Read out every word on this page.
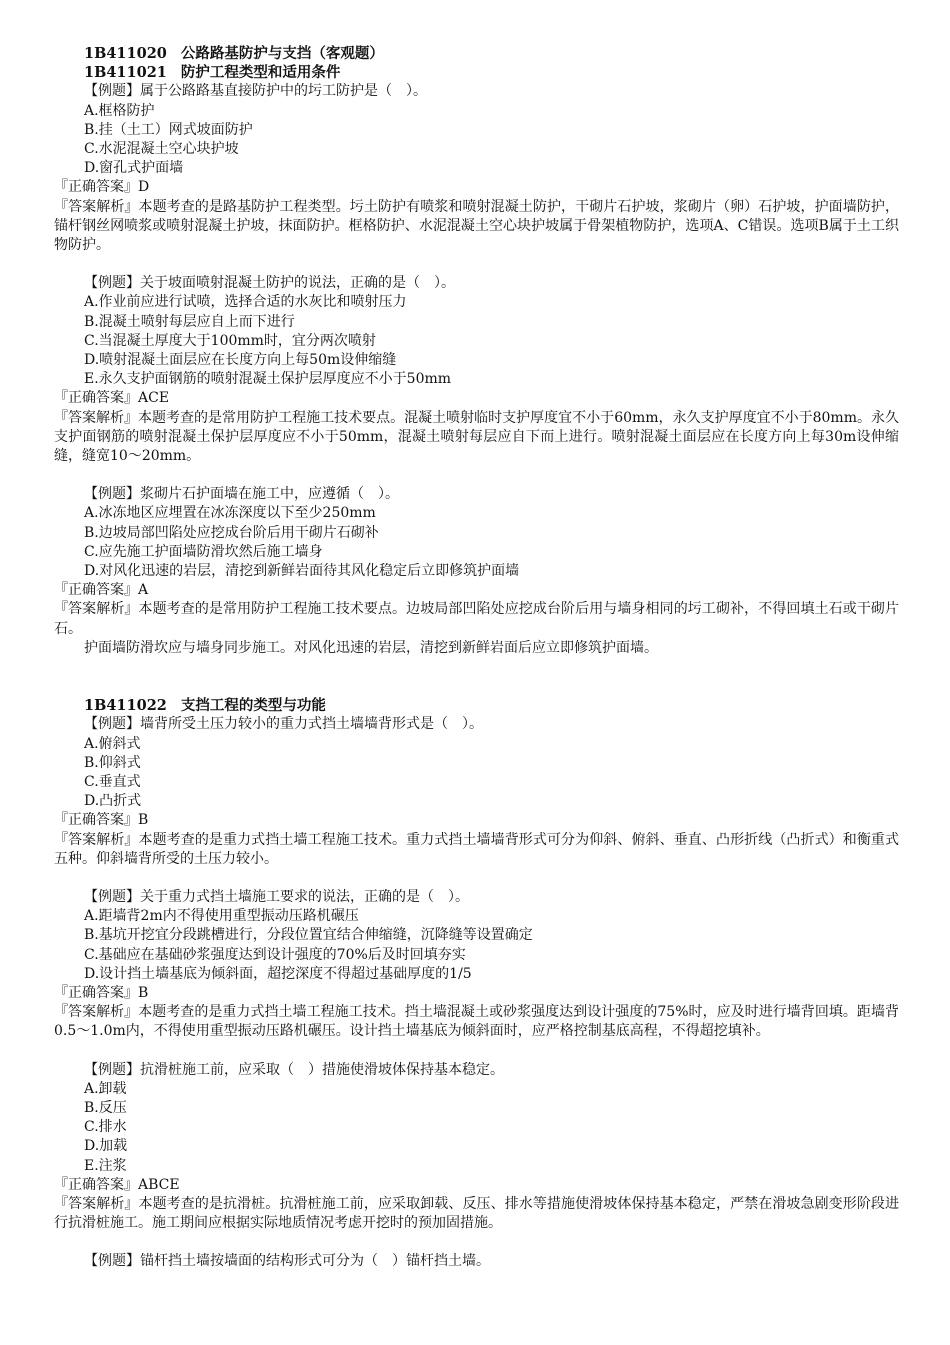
1B411020 公路路基防护与支挡（客观题）
1B411021 防护工程类型和适用条件
【例题】属于公路路基直接防护中的圬工防护是（　）。
A.框格防护
B.挂（土工）网式坡面防护
C.水泥混凝土空心块护坡
D.窗孔式护面墙
『正确答案』D
『答案解析』本题考查的是路基防护工程类型。圬土防护有喷浆和喷射混凝土防护，干砌片石护坡，浆砌片（卵）石护坡，护面墙防护，锚杆钢丝网喷浆或喷射混凝土护坡，抹面防护。框格防护、水泥混凝土空心块护坡属于骨架植物防护，选项A、C错误。选项B属于土工织物防护。
【例题】关于坡面喷射混凝土防护的说法，正确的是（　）。
A.作业前应进行试喷，选择合适的水灰比和喷射压力
B.混凝土喷射每层应自上而下进行
C.当混凝土厚度大于100mm时，宜分两次喷射
D.喷射混凝土面层应在长度方向上每50m设伸缩缝
E.永久支护面钢筋的喷射混凝土保护层厚度应不小于50mm
『正确答案』ACE
『答案解析』本题考查的是常用防护工程施工技术要点。混凝土喷射临时支护厚度宜不小于60mm，永久支护厚度宜不小于80mm。永久支护面钢筋的喷射混凝土保护层厚度应不小于50mm，混凝土喷射每层应自下而上进行。喷射混凝土面层应在长度方向上每30m设伸缩缝，缝宽10～20mm。
【例题】浆砌片石护面墙在施工中，应遵循（　）。
A.冰冻地区应埋置在冰冻深度以下至少250mm
B.边坡局部凹陷处应挖成台阶后用干砌片石砌补
C.应先施工护面墙防滑坎然后施工墙身
D.对风化迅速的岩层，清挖到新鲜岩面待其风化稳定后立即修筑护面墙
『正确答案』A
『答案解析』本题考查的是常用防护工程施工技术要点。边坡局部凹陷处应挖成台阶后用与墙身相同的圬工砌补，不得回填土石或干砌片石。
护面墙防滑坎应与墙身同步施工。对风化迅速的岩层，清挖到新鲜岩面后应立即修筑护面墙。
1B411022 支挡工程的类型与功能
【例题】墙背所受土压力较小的重力式挡土墙墙背形式是（　）。
A.俯斜式
B.仰斜式
C.垂直式
D.凸折式
『正确答案』B
『答案解析』本题考查的是重力式挡土墙工程施工技术。重力式挡土墙墙背形式可分为仰斜、俯斜、垂直、凸形折线（凸折式）和衡重式五种。仰斜墙背所受的土压力较小。
【例题】关于重力式挡土墙施工要求的说法，正确的是（　）。
A.距墙背2m内不得使用重型振动压路机碾压
B.基坑开挖宜分段跳槽进行，分段位置宜结合伸缩缝，沉降缝等设置确定
C.基础应在基础砂浆强度达到设计强度的70%后及时回填夯实
D.设计挡土墙基底为倾斜面，超挖深度不得超过基础厚度的1/5
『正确答案』B
『答案解析』本题考查的是重力式挡土墙工程施工技术。挡土墙混凝土或砂浆强度达到设计强度的75%时，应及时进行墙背回填。距墙背0.5～1.0m内，不得使用重型振动压路机碾压。设计挡土墙基底为倾斜面时，应严格控制基底高程，不得超挖填补。
【例题】抗滑桩施工前，应采取（　）措施使滑坡体保持基本稳定。
A.卸载
B.反压
C.排水
D.加载
E.注浆
『正确答案』ABCE
『答案解析』本题考查的是抗滑桩。抗滑桩施工前，应采取卸载、反压、排水等措施使滑坡体保持基本稳定，严禁在滑坡急剧变形阶段进行抗滑桩施工。施工期间应根据实际地质情况考虑开挖时的预加固措施。
【例题】锚杆挡土墙按墙面的结构形式可分为（　）锚杆挡土墙。
